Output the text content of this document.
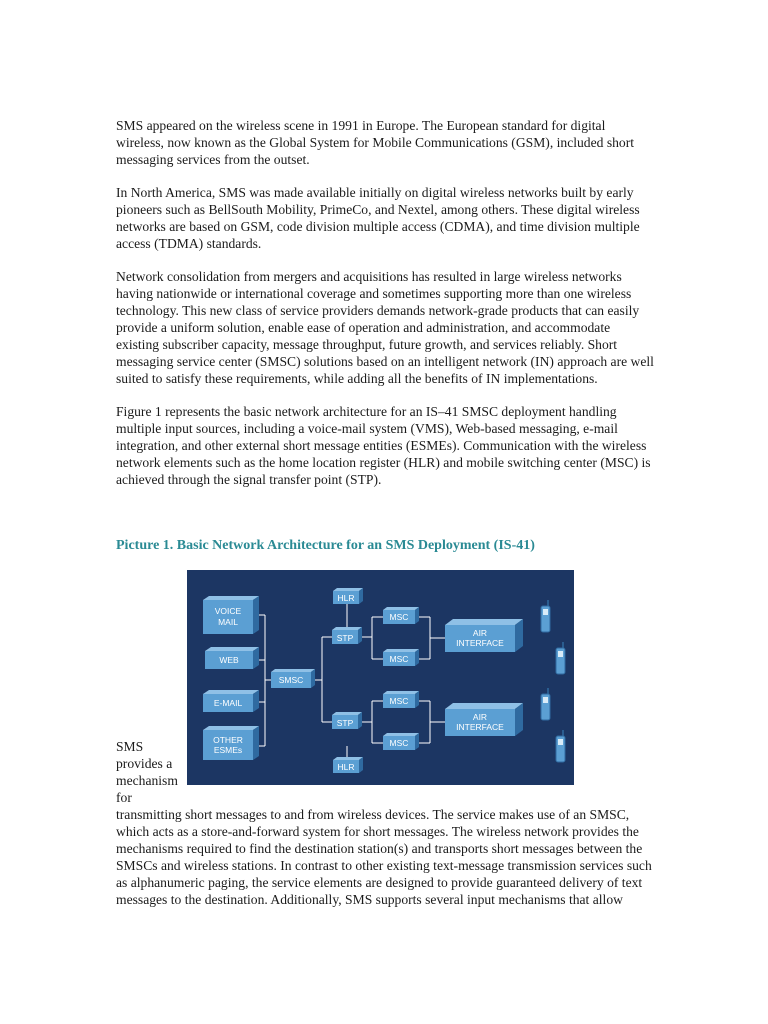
SMS appeared on the wireless scene in 1991 in Europe. The European standard for digital wireless, now known as the Global System for Mobile Communications (GSM), included short messaging services from the outset.

In North America, SMS was made available initially on digital wireless networks built by early pioneers such as BellSouth Mobility, PrimeCo, and Nextel, among others. These digital wireless networks are based on GSM, code division multiple access (CDMA), and time division multiple access (TDMA) standards.

Network consolidation from mergers and acquisitions has resulted in large wireless networks having nationwide or international coverage and sometimes supporting more than one wireless technology. This new class of service providers demands network-grade products that can easily provide a uniform solution, enable ease of operation and administration, and accommodate existing subscriber capacity, message throughput, future growth, and services reliably. Short messaging service center (SMSC) solutions based on an intelligent network (IN) approach are well suited to satisfy these requirements, while adding all the benefits of IN implementations.

Figure 1 represents the basic network architecture for an IS–41 SMSC deployment handling multiple input sources, including a voice-mail system (VMS), Web-based messaging, e-mail integration, and other external short message entities (ESMEs). Communication with the wireless network elements such as the home location register (HLR) and mobile switching center (MSC) is achieved through the signal transfer point (STP).

Picture 1. Basic Network Architecture for an SMS Deployment (IS-41)
VOICE
MAIL
WEB
E-MAIL
OTHER
ESMEs
SMSC
HLR
STP
STP
HLR
MSC
MSC
MSC
MSC
AIR
INTERFACE
AIR
INTERFACE
SMS provides a mechanism for
transmitting short messages to and from wireless devices. The service makes use of an SMSC, which acts as a store-and-forward system for short messages. The wireless network provides the mechanisms required to find the destination station(s) and transports short messages between the SMSCs and wireless stations. In contrast to other existing text-message transmission services such as alphanumeric paging, the service elements are designed to provide guaranteed delivery of text messages to the destination. Additionally, SMS supports several input mechanisms that allow
